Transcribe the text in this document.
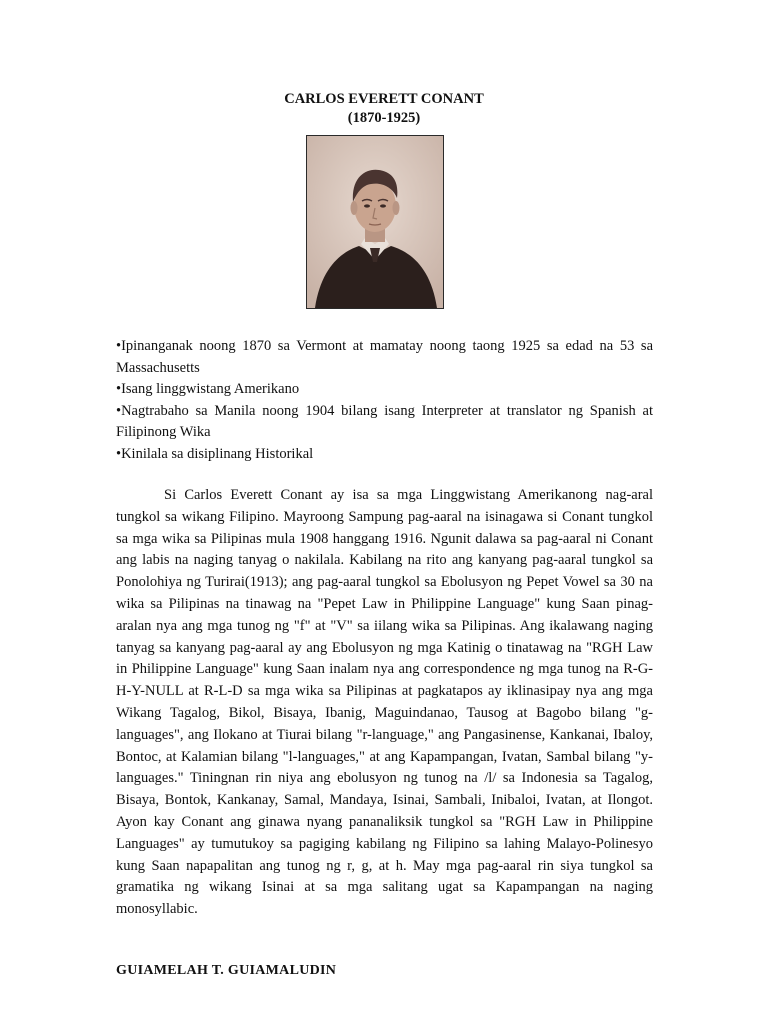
CARLOS EVERETT CONANT
(1870-1925)

•Ipinanganak noong 1870 sa Vermont at mamatay noong taong 1925 sa edad na 53 sa Massachusetts

•Isang linggwistang Amerikano

•Nagtrabaho sa Manila noong 1904 bilang isang Interpreter at translator ng Spanish at Filipinong Wika

•Kinilala sa disiplinang Historikal

Si Carlos Everett Conant ay isa sa mga Linggwistang Amerikanong nag-aral tungkol sa wikang Filipino. Mayroong Sampung pag-aaral na isinagawa si Conant tungkol sa mga wika sa Pilipinas mula 1908 hanggang 1916. Ngunit dalawa sa pag-aaral ni Conant ang labis na naging tanyag o nakilala. Kabilang na rito ang kanyang pag-aaral tungkol sa Ponolohiya ng Turirai(1913); ang pag-aaral tungkol sa Ebolusyon ng Pepet Vowel sa 30 na wika sa Pilipinas na tinawag na "Pepet Law in Philippine Language" kung Saan pinag-aralan nya ang mga tunog ng "f" at "V" sa iilang wika sa Pilipinas. Ang ikalawang naging tanyag sa kanyang pag-aaral ay ang Ebolusyon ng mga Katinig o tinatawag na "RGH Law in Philippine Language" kung Saan inalam nya ang correspondence ng mga tunog na R-G-H-Y-NULL at R-L-D sa mga wika sa Pilipinas at pagkatapos ay iklinasipay nya ang mga Wikang Tagalog, Bikol, Bisaya, Ibanig, Maguindanao, Tausog at Bagobo bilang "g-languages", ang Ilokano at Tiurai bilang "r-language," ang Pangasinense, Kankanai, Ibaloy, Bontoc, at Kalamian bilang "l-languages," at ang Kapampangan, Ivatan, Sambal bilang "y-languages." Tiningnan rin niya ang ebolusyon ng tunog na /l/ sa Indonesia sa Tagalog, Bisaya, Bontok, Kankanay, Samal, Mandaya, Isinai, Sambali, Inibaloi, Ivatan, at Ilongot. Ayon kay Conant ang ginawa nyang pananaliksik tungkol sa "RGH Law in Philippine Languages" ay tumutukoy sa pagiging kabilang ng Filipino sa lahing Malayo-Polinesyo kung Saan napapalitan ang tunog ng r, g, at h. May mga pag-aaral rin siya tungkol sa gramatika ng wikang Isinai at sa mga salitang ugat sa Kapampangan na naging monosyllabic.

GUIAMELAH T. GUIAMALUDIN
